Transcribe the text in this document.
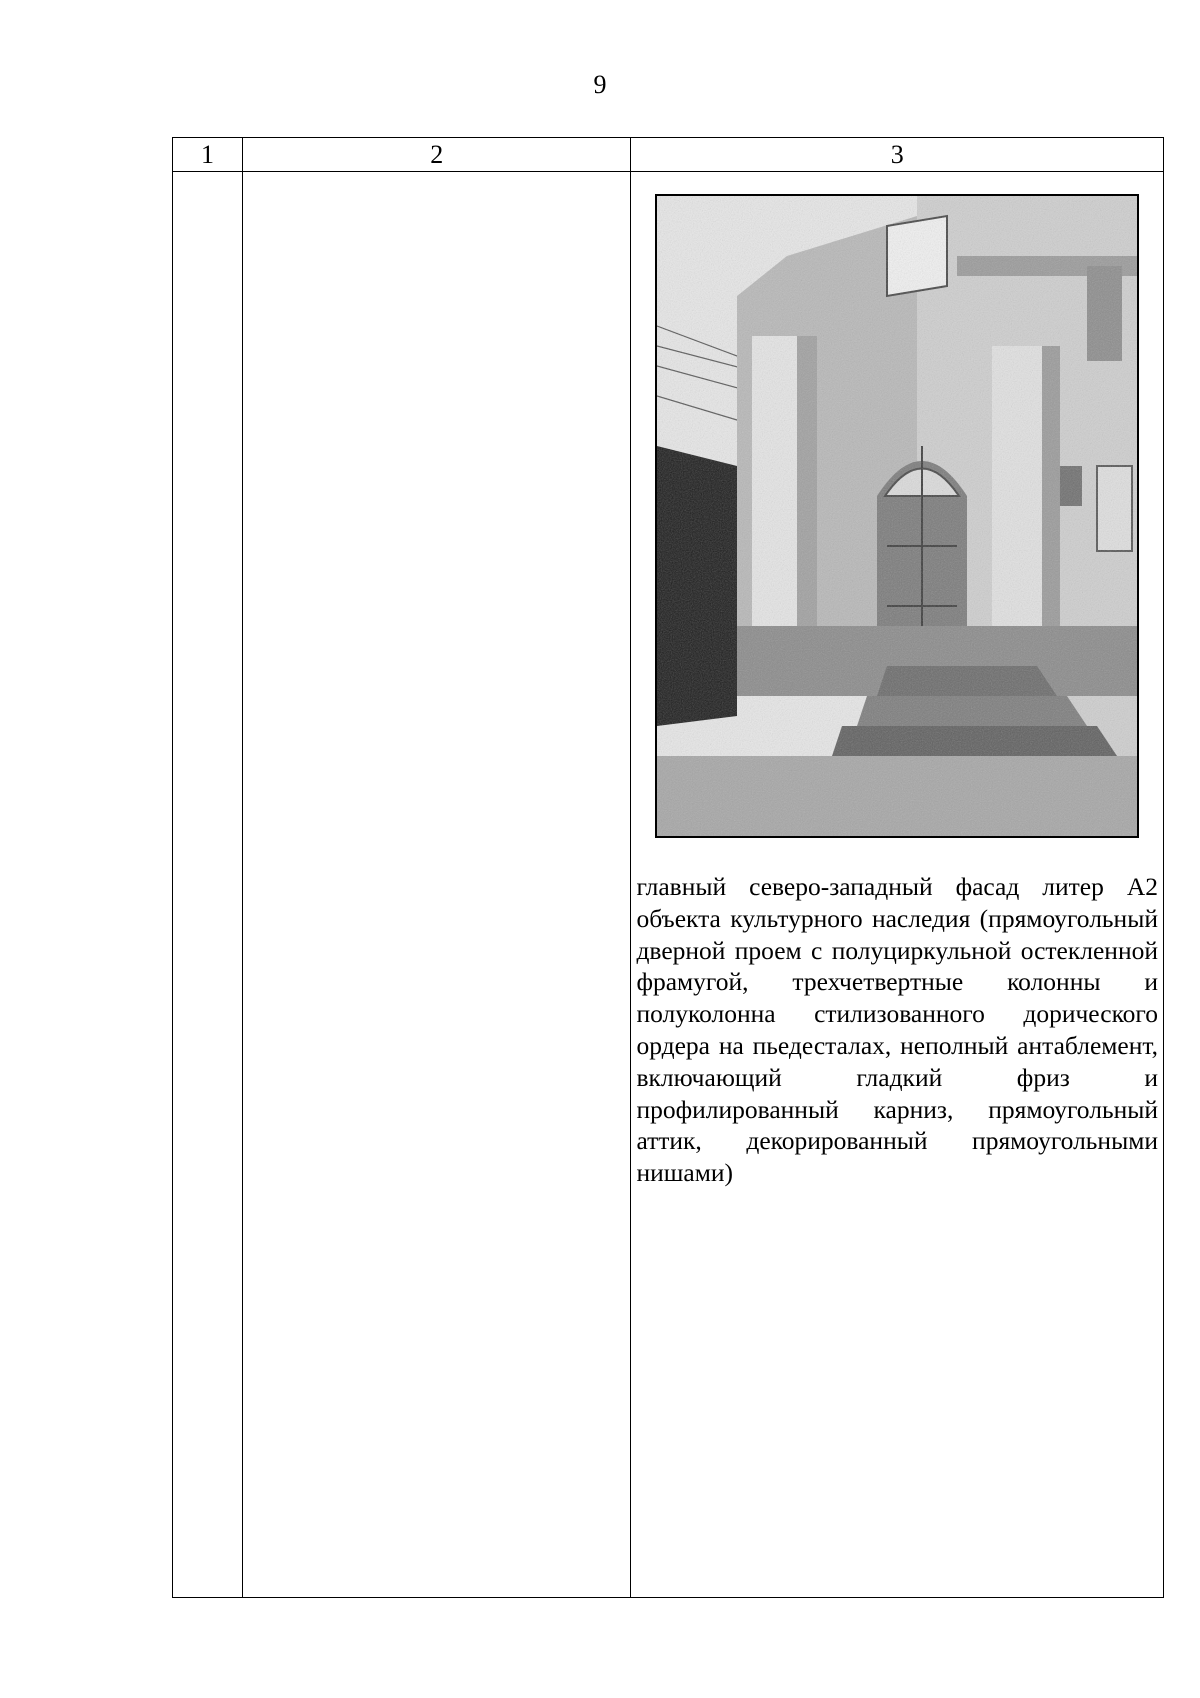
9
1	2	3

		главный северо-западный фасад литер А2 объекта культурного наследия (прямоугольный дверной проем с полуциркульной остекленной фрамугой, трехчетвертные колонны и полуколонна стилизованного дорического ордера на пьедесталах, неполный антаблемент, включающий гладкий фриз и профилированный карниз, прямоугольный аттик, декорированный прямоугольными нишами)
